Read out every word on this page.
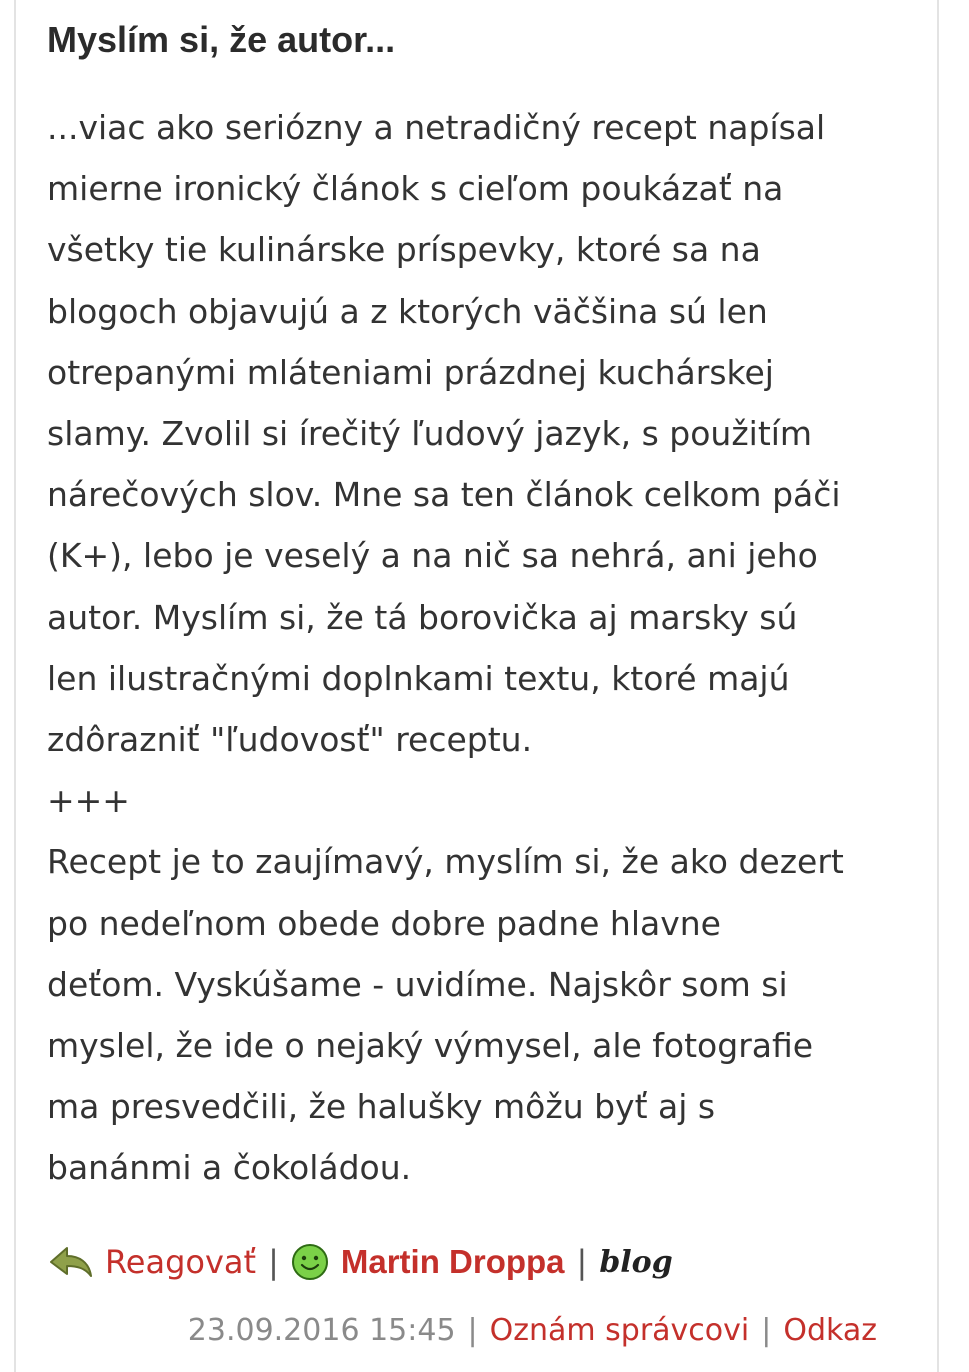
Myslím si, že autor...
...viac ako seriózny a netradičný recept napísal
mierne ironický článok s cieľom poukázať na
všetky tie kulinárske príspevky, ktoré sa na
blogoch objavujú a z ktorých väčšina sú len
otrepanými mláteniami prázdnej kuchárskej
slamy. Zvolil si írečitý ľudový jazyk, s použitím
nárečových slov. Mne sa ten článok celkom páči
(K+), lebo je veselý a na nič sa nehrá, ani jeho
autor. Myslím si, že tá borovička aj marsky sú
len ilustračnými doplnkami textu, ktoré majú
zdôrazniť "ľudovosť" receptu.
+++
Recept je to zaujímavý, myslím si, že ako dezert
po nedeľnom obede dobre padne hlavne
deťom. Vyskúšame - uvidíme. Najskôr som si
myslel, že ide o nejaký výmysel, ale fotografie
ma presvedčili, že halušky môžu byť aj s
banánmi a čokoládou.
Reagovať | Martin Droppa | blog
23.09.2016 15:45 | Oznám správcovi | Odkaz
